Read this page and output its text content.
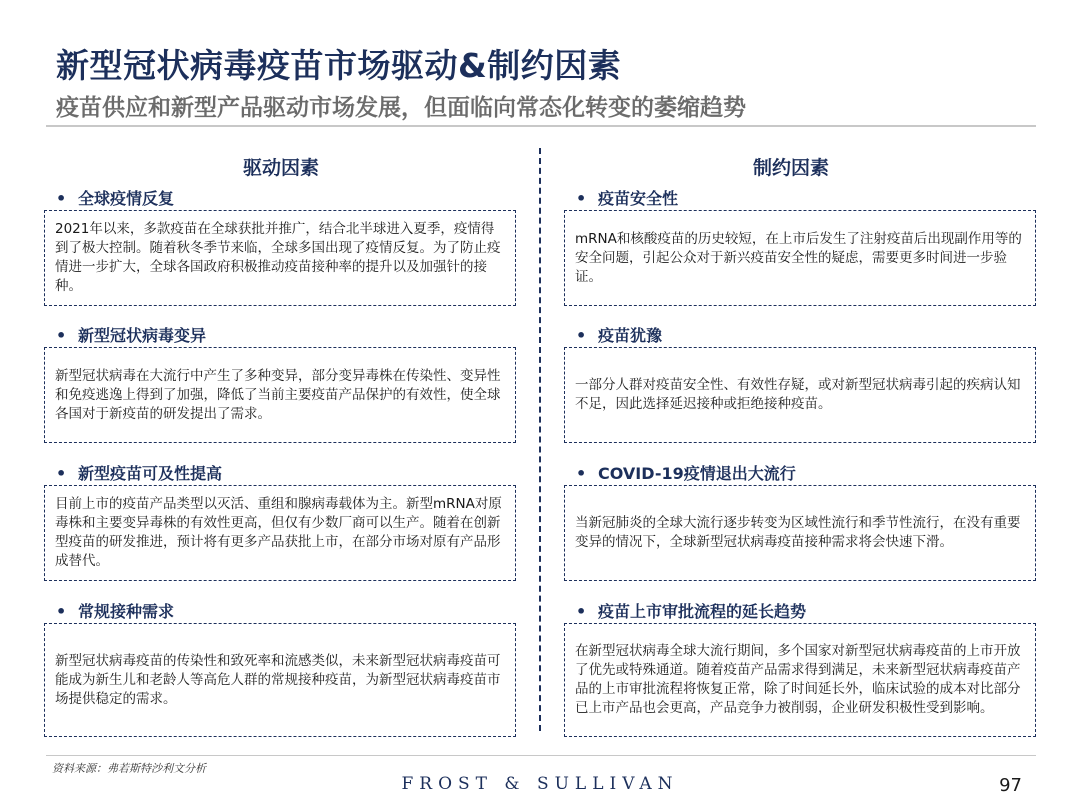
新型冠状病毒疫苗市场驱动&制约因素
疫苗供应和新型产品驱动市场发展，但面临向常态化转变的萎缩趋势
驱动因素	制约因素
• 全球疫情反复

2021年以来，多款疫苗在全球获批并推广，结合北半球进入夏季，疫情得到了极大控制。随着秋冬季节来临，全球多国出现了疫情反复。为了防止疫情进一步扩大，全球各国政府积极推动疫苗接种率的提升以及加强针的接种。

• 新型冠状病毒变异

新型冠状病毒在大流行中产生了多种变异，部分变异毒株在传染性、变异性和免疫逃逸上得到了加强，降低了当前主要疫苗产品保护的有效性，使全球各国对于新疫苗的研发提出了需求。

• 新型疫苗可及性提高

目前上市的疫苗产品类型以灭活、重组和腺病毒载体为主。新型mRNA对原毒株和主要变异毒株的有效性更高，但仅有少数厂商可以生产。随着在创新型疫苗的研发推进，预计将有更多产品获批上市，在部分市场对原有产品形成替代。

• 常规接种需求

新型冠状病毒疫苗的传染性和致死率和流感类似，未来新型冠状病毒疫苗可能成为新生儿和老龄人等高危人群的常规接种疫苗，为新型冠状病毒疫苗市场提供稳定的需求。

• 疫苗安全性

mRNA和核酸疫苗的历史较短，在上市后发生了注射疫苗后出现副作用等的安全问题，引起公众对于新兴疫苗安全性的疑虑，需要更多时间进一步验证。

• 疫苗犹豫

一部分人群对疫苗安全性、有效性存疑，或对新型冠状病毒引起的疾病认知不足，因此选择延迟接种或拒绝接种疫苗。

• COVID-19疫情退出大流行

当新冠肺炎的全球大流行逐步转变为区域性流行和季节性流行，在没有重要变异的情况下，全球新型冠状病毒疫苗接种需求将会快速下滑。

• 疫苗上市审批流程的延长趋势

在新型冠状病毒全球大流行期间，多个国家对新型冠状病毒疫苗的上市开放了优先或特殊通道。随着疫苗产品需求得到满足，未来新型冠状病毒疫苗产品的上市审批流程将恢复正常，除了时间延长外，临床试验的成本对比部分已上市产品也会更高，产品竞争力被削弱，企业研发积极性受到影响。

资料来源：弗若斯特沙利文分析
FROST & SULLIVAN	97
